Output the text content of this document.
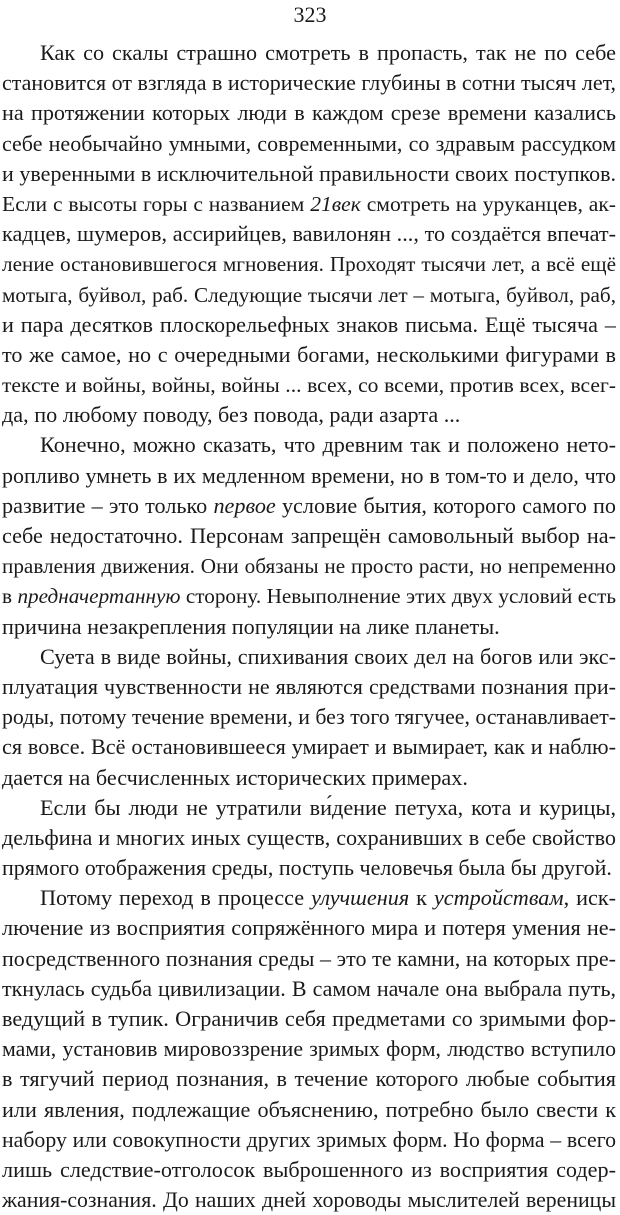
323
Как со скалы страшно смотреть в пропасть, так не по себе
становится от взгляда в исторические глубины в сотни тысяч лет,
на протяжении которых люди в каждом срезе времени казались
себе необычайно умными, современными, со здравым рассудком
и уверенными в исключительной правильности своих поступков.
Если с высоты горы с названием 21век смотреть на уруканцев, ак-
кадцев, шумеров, ассирийцев, вавилонян ..., то создаётся впечат-
ление остановившегося мгновения. Проходят тысячи лет, а всё ещё
мотыга, буйвол, раб. Следующие тысячи лет – мотыга, буйвол, раб,
и пара десятков плоскорельефных знаков письма. Ещё тысяча –
то же самое, но с очередными богами, несколькими фигурами в
тексте и войны, войны, войны ... всех, со всеми, против всех, всег-
да, по любому поводу, без повода, ради азарта ...
Конечно, можно сказать, что древним так и положено нето-
ропливо умнеть в их медленном времени, но в том-то и дело, что
развитие – это только первое условие бытия, которого самого по
себе недостаточно. Персонам запрещён самовольный выбор на-
правления движения. Они обязаны не просто расти, но непременно
в предначертанную сторону. Невыполнение этих двух условий есть
причина незакрепления популяции на лике планеты.
Суета в виде войны, спихивания своих дел на богов или экс-
плуатация чувственности не являются средствами познания при-
роды, потому течение времени, и без того тягучее, останавливает-
ся вовсе. Всё остановившееся умирает и вымирает, как и наблю-
дается на бесчисленных исторических примерах.
Если бы люди не утратили ви́дение петуха, кота и курицы,
дельфина и многих иных существ, сохранивших в себе свойство
прямого отображения среды, поступь человечья была бы другой.
Потому переход в процессе улучшения к устройствам, иск-
лючение из восприятия сопряжённого мира и потеря умения не-
посредственного познания среды – это те камни, на которых пре-
ткнулась судьба цивилизации. В самом начале она выбрала путь,
ведущий в тупик. Ограничив себя предметами со зримыми фор-
мами, установив мировоззрение зримых форм, людство вступило
в тягучий период познания, в течение которого любые события
или явления, подлежащие объяснению, потребно было свести к
набору или совокупности других зримых форм. Но форма – всего
лишь следствие-отголосок выброшенного из восприятия содер-
жания-сознания. До наших дней хороводы мыслителей вереницы
